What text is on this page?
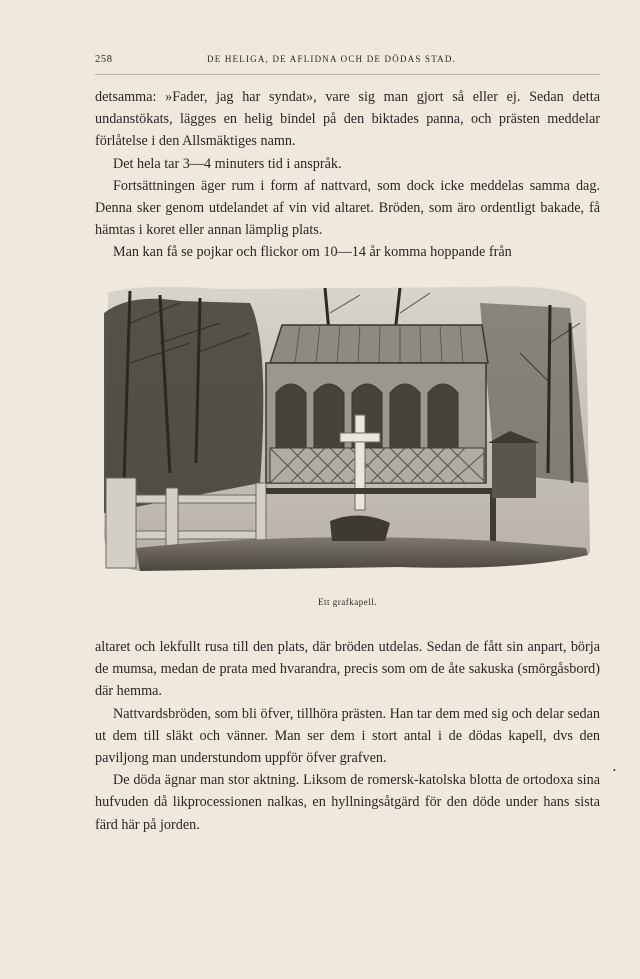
258	DE HELIGA, DE AFLIDNA OCH DE DÖDAS STAD.

detsamma: »Fader, jag har syndat», vare sig man gjort så eller ej. Sedan detta undanstökats, lägges en helig bindel på den biktades panna, och prästen meddelar förlåtelse i den Allsmäktiges namn.

Det hela tar 3—4 minuters tid i anspråk.

Fortsättningen äger rum i form af nattvard, som dock icke meddelas samma dag. Denna sker genom utdelandet af vin vid altaret. Bröden, som äro ordentligt bakade, få hämtas i koret eller annan lämplig plats.

Man kan få se pojkar och flickor om 10—14 år komma hoppande från

Ett grafkapell.

altaret och lekfullt rusa till den plats, där bröden utdelas. Sedan de fått sin anpart, börja de mumsa, medan de prata med hvarandra, precis som om de åte sakuska (smörgåsbord) där hemma.

Nattvardsbröden, som bli öfver, tillhöra prästen. Han tar dem med sig och delar sedan ut dem till släkt och vänner. Man ser dem i stort antal i de dödas kapell, dvs den paviljong man understundom uppför öfver grafven.

De döda ägnar man stor aktning. Liksom de romersk-katolska blotta de ortodoxa sina hufvuden då likprocessionen nalkas, en hyllningsåtgärd för den döde under hans sista färd här på jorden.

•
